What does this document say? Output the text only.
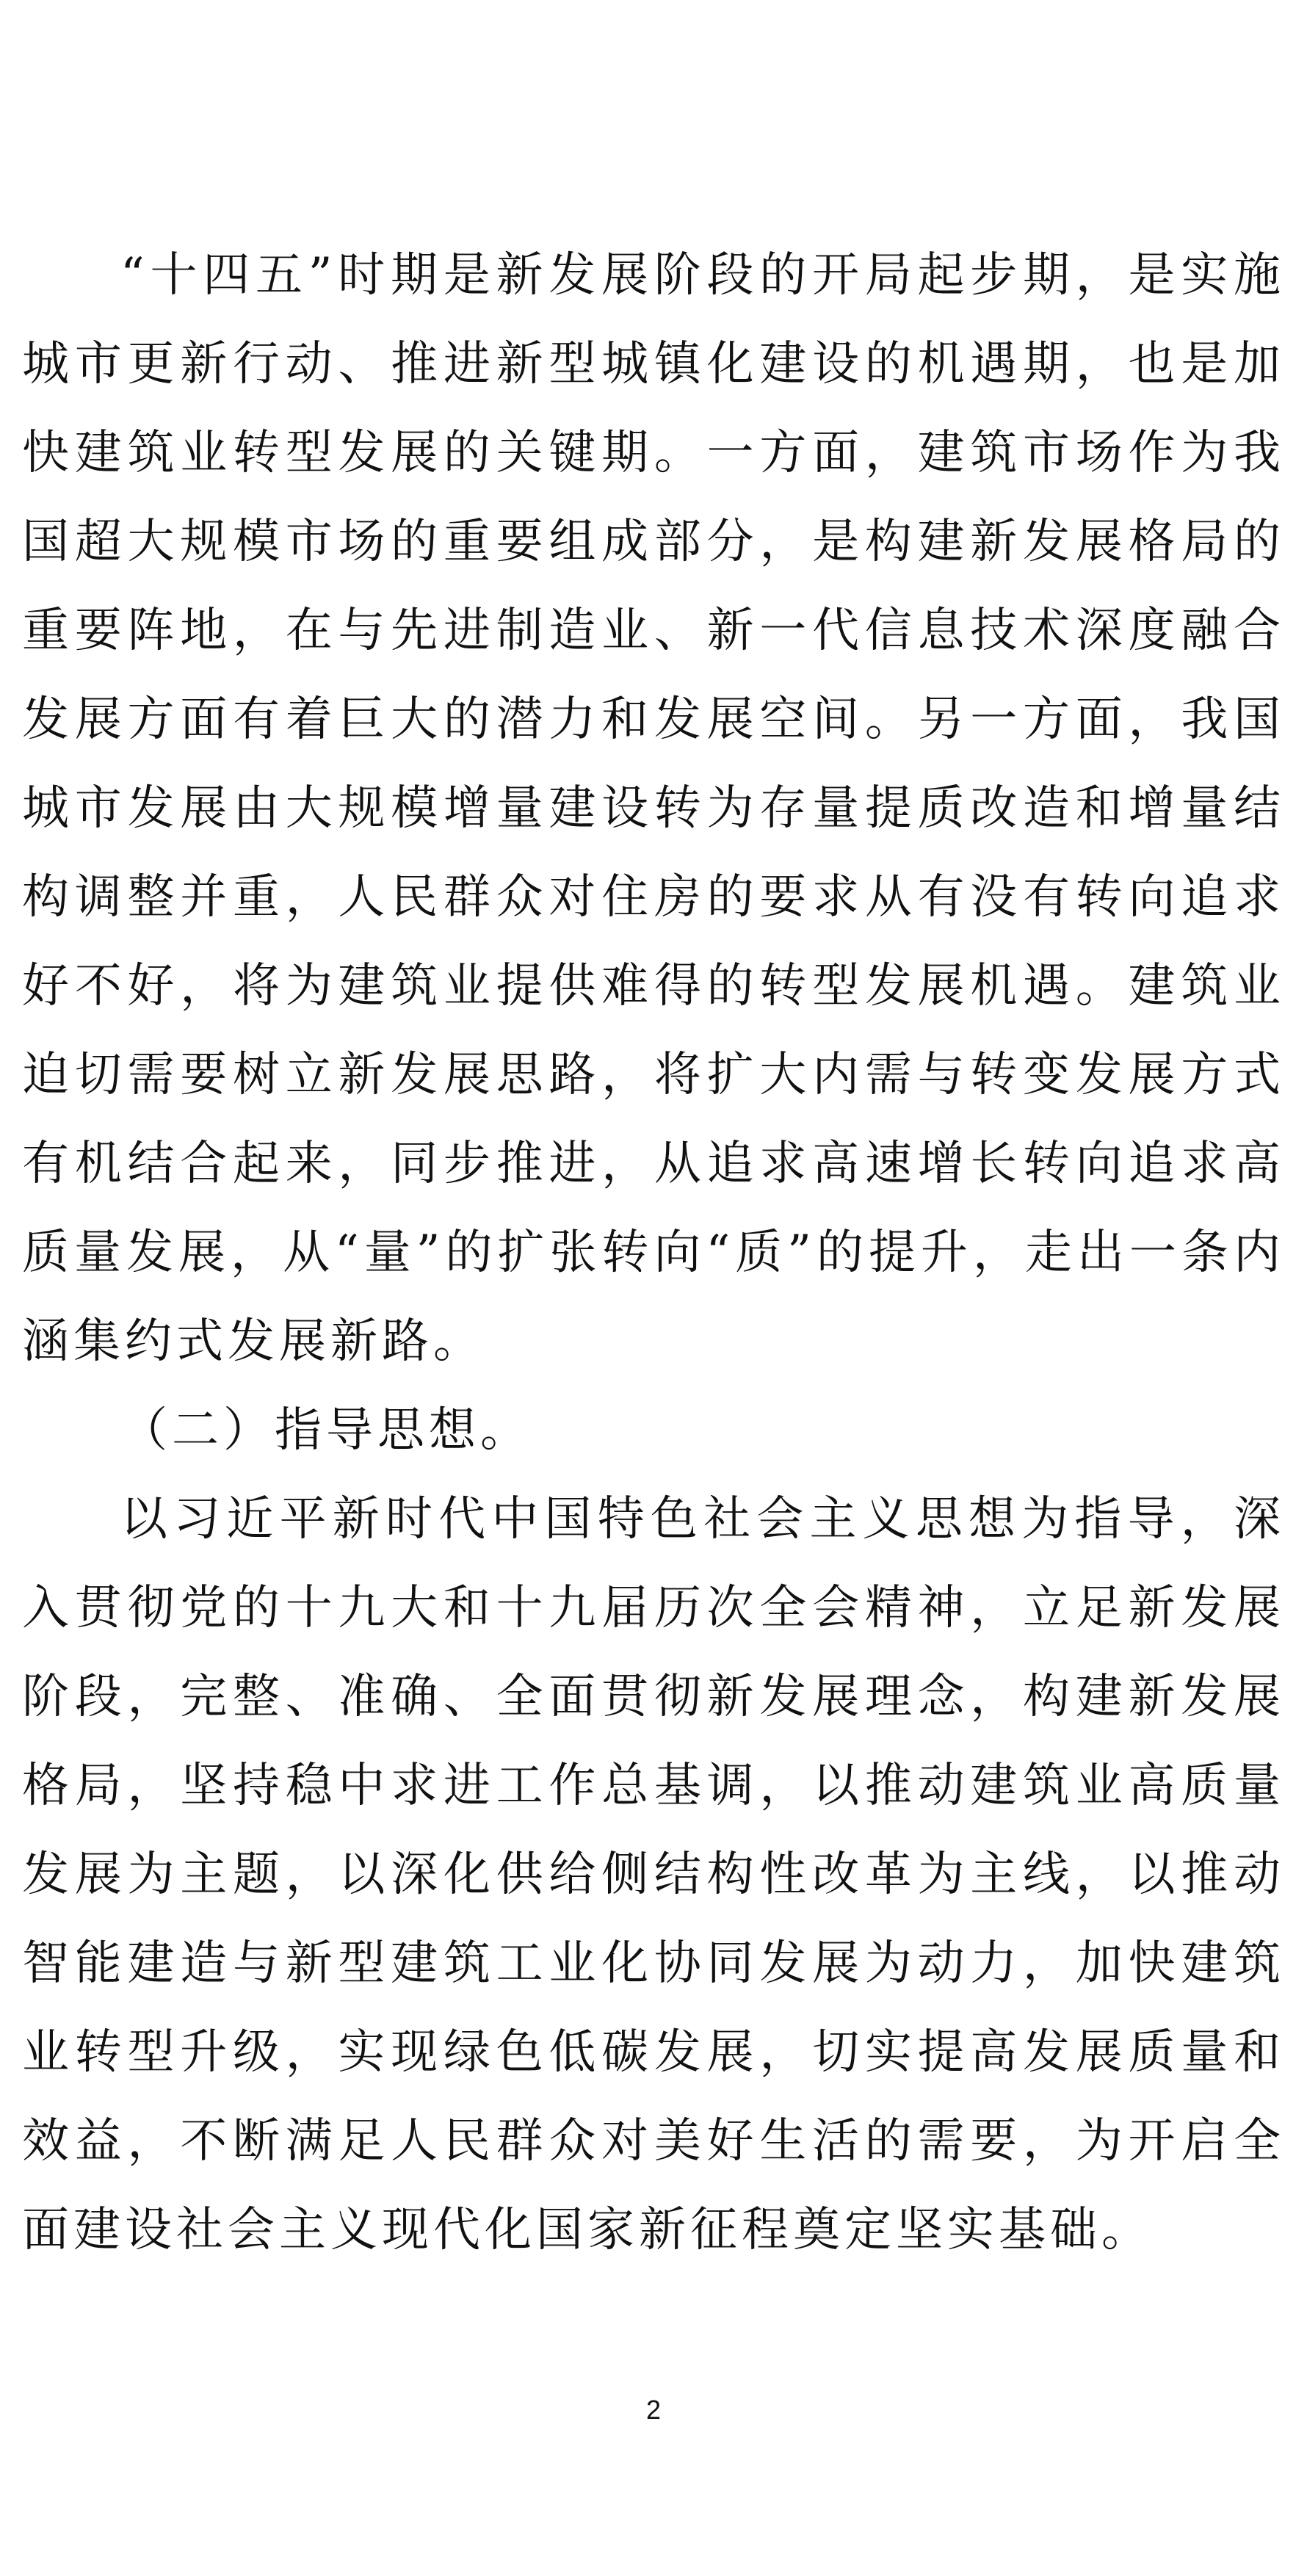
“十四五”时期是新发展阶段的开局起步期，是实施城市更新行动、推进新型城镇化建设的机遇期，也是加快建筑业转型发展的关键期。一方面，建筑市场作为我国超大规模市场的重要组成部分，是构建新发展格局的重要阵地，在与先进制造业、新一代信息技术深度融合发展方面有着巨大的潜力和发展空间。另一方面，我国城市发展由大规模增量建设转为存量提质改造和增量结构调整并重，人民群众对住房的要求从有没有转向追求好不好，将为建筑业提供难得的转型发展机遇。建筑业迫切需要树立新发展思路，将扩大内需与转变发展方式有机结合起来，同步推进，从追求高速增长转向追求高质量发展，从“量”的扩张转向“质”的提升，走出一条内涵集约式发展新路。

（二）指导思想。

以习近平新时代中国特色社会主义思想为指导，深入贯彻党的十九大和十九届历次全会精神，立足新发展阶段，完整、准确、全面贯彻新发展理念，构建新发展格局，坚持稳中求进工作总基调，以推动建筑业高质量发展为主题，以深化供给侧结构性改革为主线，以推动智能建造与新型建筑工业化协同发展为动力，加快建筑业转型升级，实现绿色低碳发展，切实提高发展质量和效益，不断满足人民群众对美好生活的需要，为开启全面建设社会主义现代化国家新征程奠定坚实基础。

2
